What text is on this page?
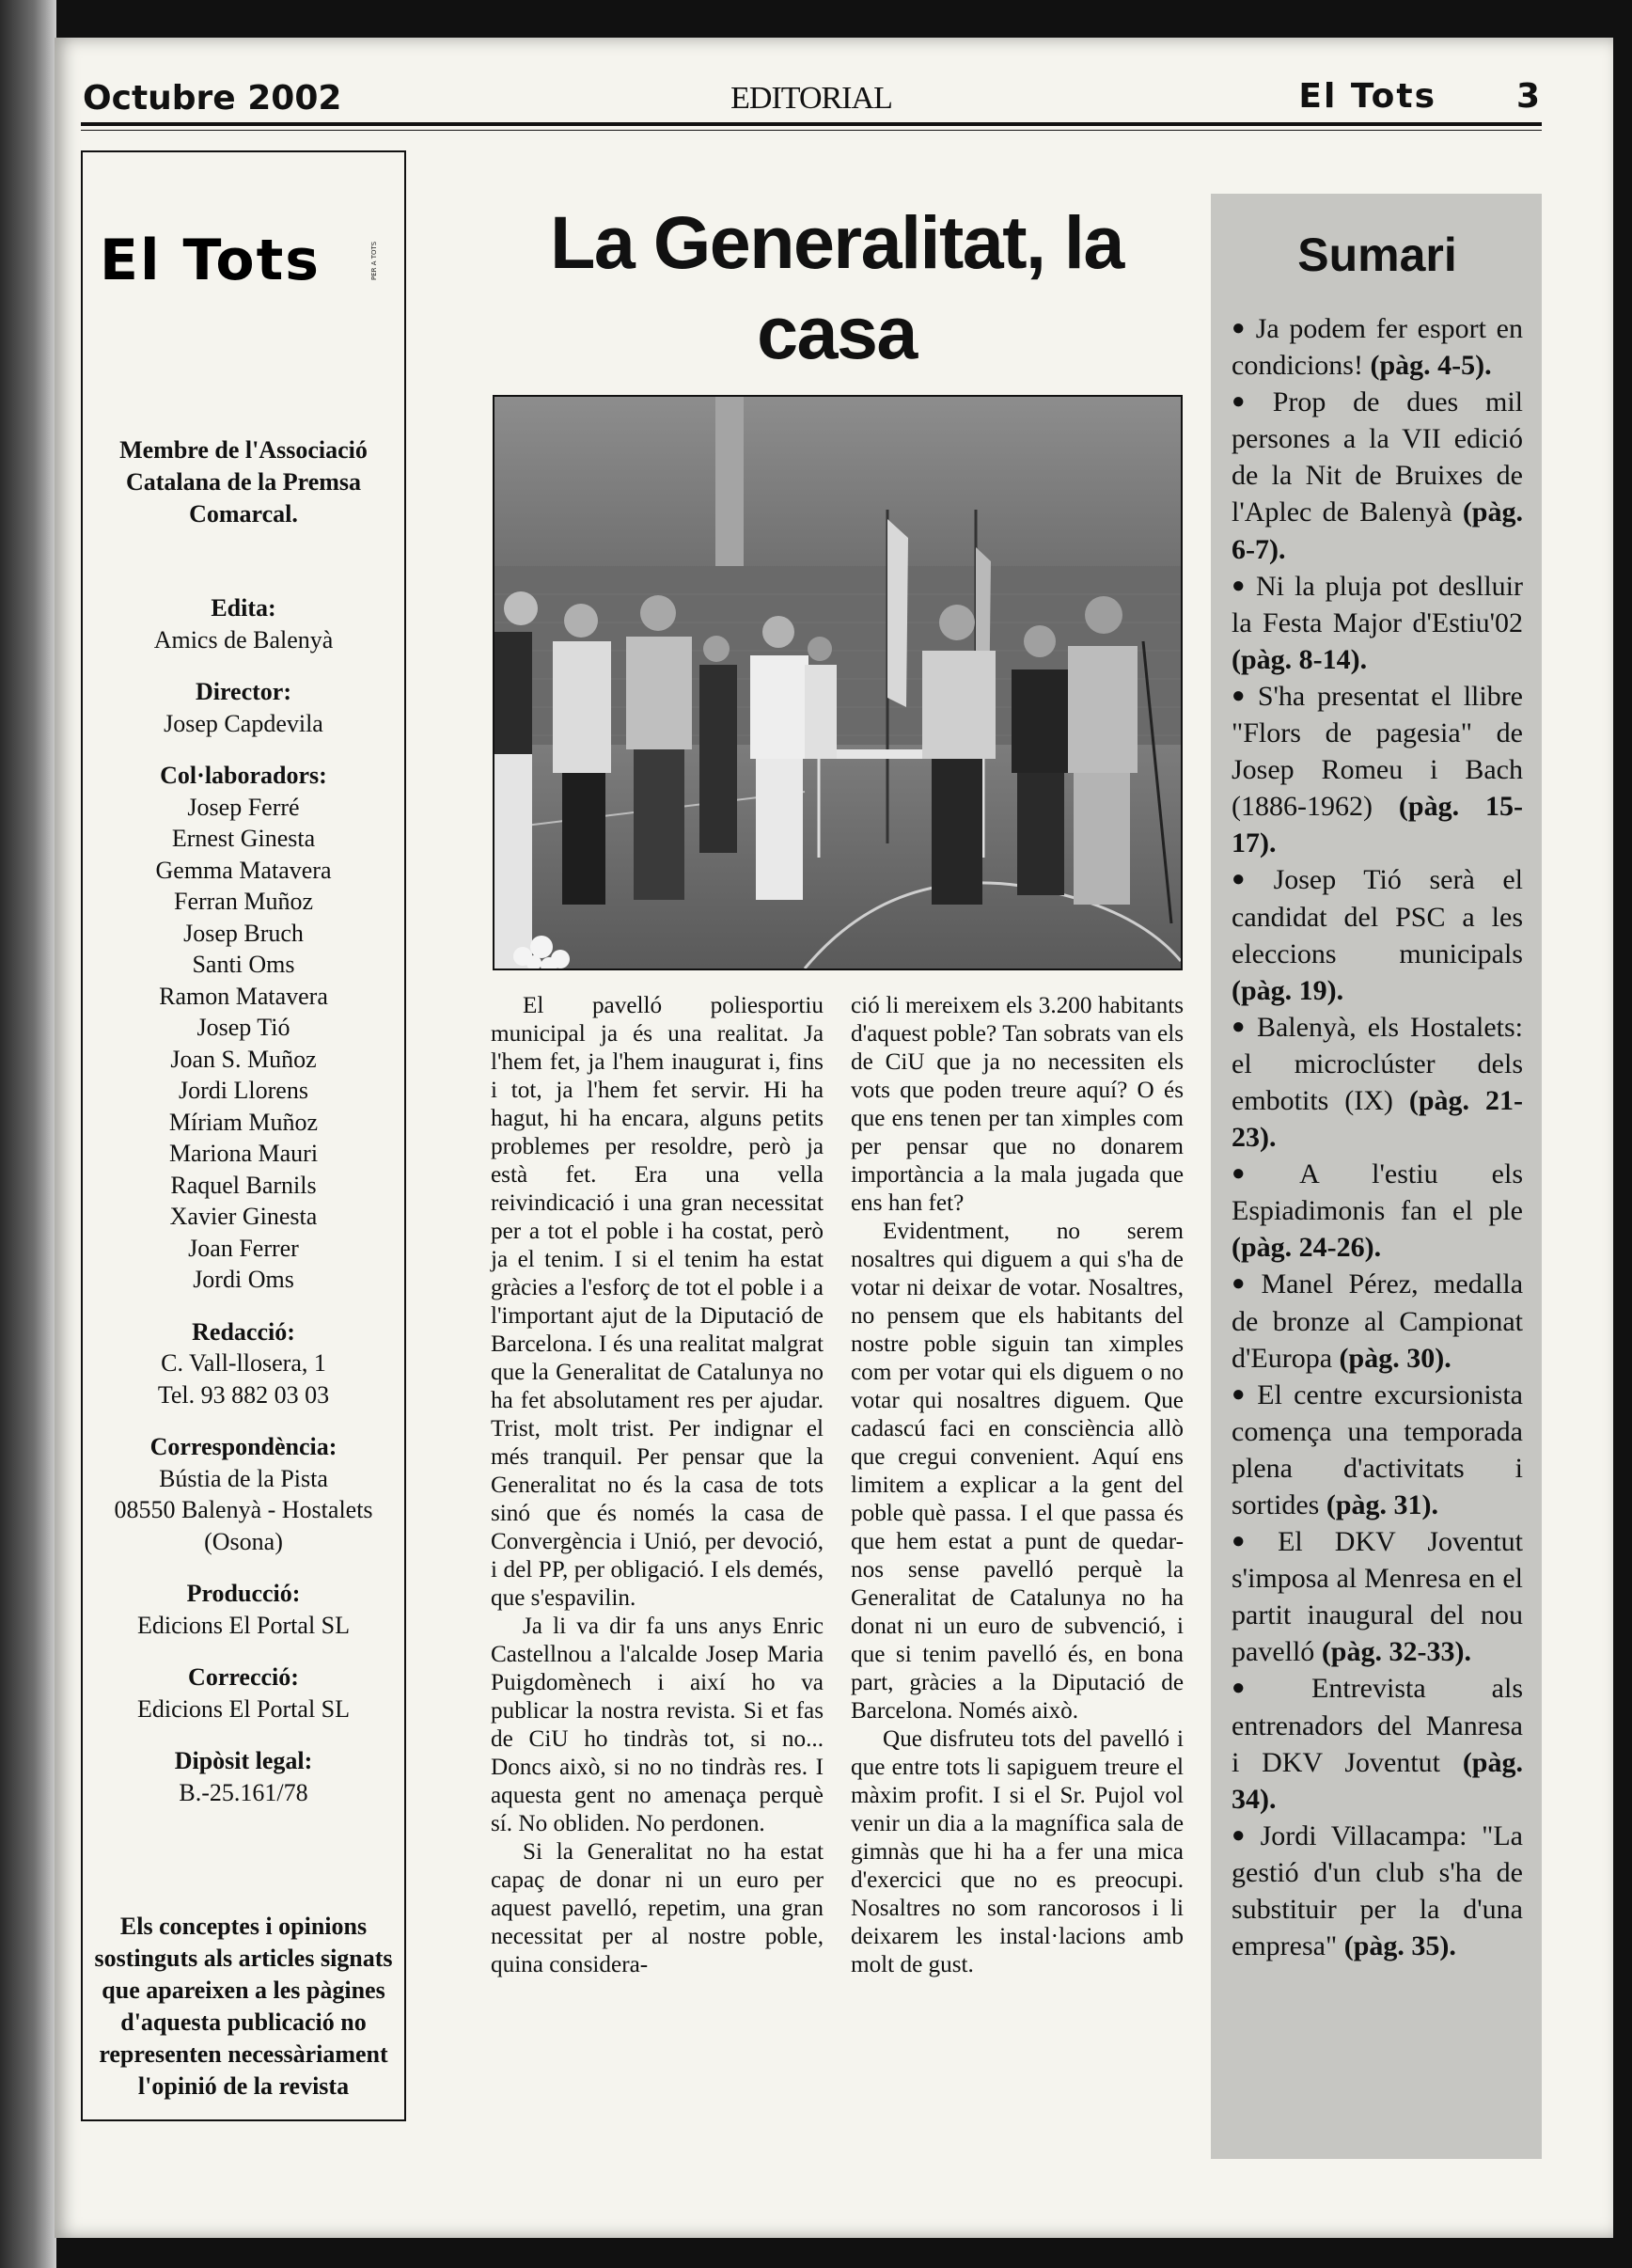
Octubre 2002	EDITORIAL	El Tots 3
El Tots	PER A TOTS
Membre de l'Associació
Catalana de la Premsa
Comarcal.
Edita:
Amics de Balenyà
Director:
Josep Capdevila
Col·laboradors:
Josep Ferré
Ernest Ginesta
Gemma Matavera
Ferran Muñoz
Josep Bruch
Santi Oms
Ramon Matavera
Josep Tió
Joan S. Muñoz
Jordi Llorens
Míriam Muñoz
Mariona Mauri
Raquel Barnils
Xavier Ginesta
Joan Ferrer
Jordi Oms
Redacció:
C. Vall-llosera, 1
Tel. 93 882 03 03
Correspondència:
Bústia de la Pista
08550 Balenyà - Hostalets
(Osona)
Producció:
Edicions El Portal SL
Correcció:
Edicions El Portal SL
Dipòsit legal:
B.-25.161/78
Els conceptes i opinions sostinguts als articles signats que apareixen a les pàgines d'aquesta publicació no representen necessàriament l'opinió de la revista
La Generalitat, la casa

El pavelló poliesportiu municipal ja és una realitat. Ja l'hem fet, ja l'hem inaugurat i, fins i tot, ja l'hem fet servir. Hi ha hagut, hi ha encara, alguns petits problemes per resoldre, però ja està fet. Era una vella reivindicació i una gran necessitat per a tot el poble i ha costat, però ja el tenim. I si el tenim ha estat gràcies a l'esforç de tot el poble i a l'important ajut de la Diputació de Barcelona. I és una realitat malgrat que la Generalitat de Catalunya no ha fet absolutament res per ajudar. Trist, molt trist. Per indignar el més tranquil. Per pensar que la Generalitat no és la casa de tots sinó que és només la casa de Convergència i Unió, per devoció, i del PP, per obligació. I els demés, que s'espavilin.

Ja li va dir fa uns anys Enric Castellnou a l'alcalde Josep Maria Puigdomènech i així ho va publicar la nostra revista. Si et fas de CiU ho tindràs tot, si no... Doncs això, si no no tindràs res. I aquesta gent no amenaça perquè sí. No obliden. No perdonen.

Si la Generalitat no ha estat capaç de donar ni un euro per aquest pavelló, repetim, una gran necessitat per al nostre poble, quina considera-

ció li mereixem els 3.200 habitants d'aquest poble? Tan sobrats van els de CiU que ja no necessiten els vots que poden treure aquí? O és que ens tenen per tan ximples com per pensar que no donarem importància a la mala jugada que ens han fet?

Evidentment, no serem nosaltres qui diguem a qui s'ha de votar ni deixar de votar. Nosaltres, no pensem que els habitants del nostre poble siguin tan ximples com per votar qui els diguem o no votar qui nosaltres diguem. Que cadascú faci en consciència allò que cregui convenient. Aquí ens limitem a explicar a la gent del poble què passa. I el que passa és que hem estat a punt de quedar-nos sense pavelló perquè la Generalitat de Catalunya no ha donat ni un euro de subvenció, i que si tenim pavelló és, en bona part, gràcies a la Diputació de Barcelona. Només això.

Que disfruteu tots del pavelló i que entre tots li sapiguem treure el màxim profit. I si el Sr. Pujol vol venir un dia a la magnífica sala de gimnàs que hi ha a fer una mica d'exercici que no es preocupi. Nosaltres no som rancorosos i li deixarem les instal·lacions amb molt de gust.

Sumari
● Ja podem fer esport en condicions! (pàg. 4-5).
● Prop de dues mil persones a la VII edició de la Nit de Bruixes de l'Aplec de Balenyà (pàg. 6-7).
● Ni la pluja pot deslluir la Festa Major d'Estiu'02 (pàg. 8-14).
● S'ha presentat el llibre "Flors de pagesia" de Josep Romeu i Bach (1886-1962) (pàg. 15-17).
● Josep Tió serà el candidat del PSC a les eleccions municipals (pàg. 19).
● Balenyà, els Hostalets: el microclúster dels embotits (IX) (pàg. 21-23).
● A l'estiu els Espiadimonis fan el ple (pàg. 24-26).
● Manel Pérez, medalla de bronze al Campionat d'Europa (pàg. 30).
● El centre excursionista comença una temporada plena d'activitats i sortides (pàg. 31).
● El DKV Joventut s'imposa al Menresa en el partit inaugural del nou pavelló (pàg. 32-33).
● Entrevista als entrenadors del Manresa i DKV Joventut (pàg. 34).
● Jordi Villacampa: "La gestió d'un club s'ha de substituir per la d'una empresa" (pàg. 35).
